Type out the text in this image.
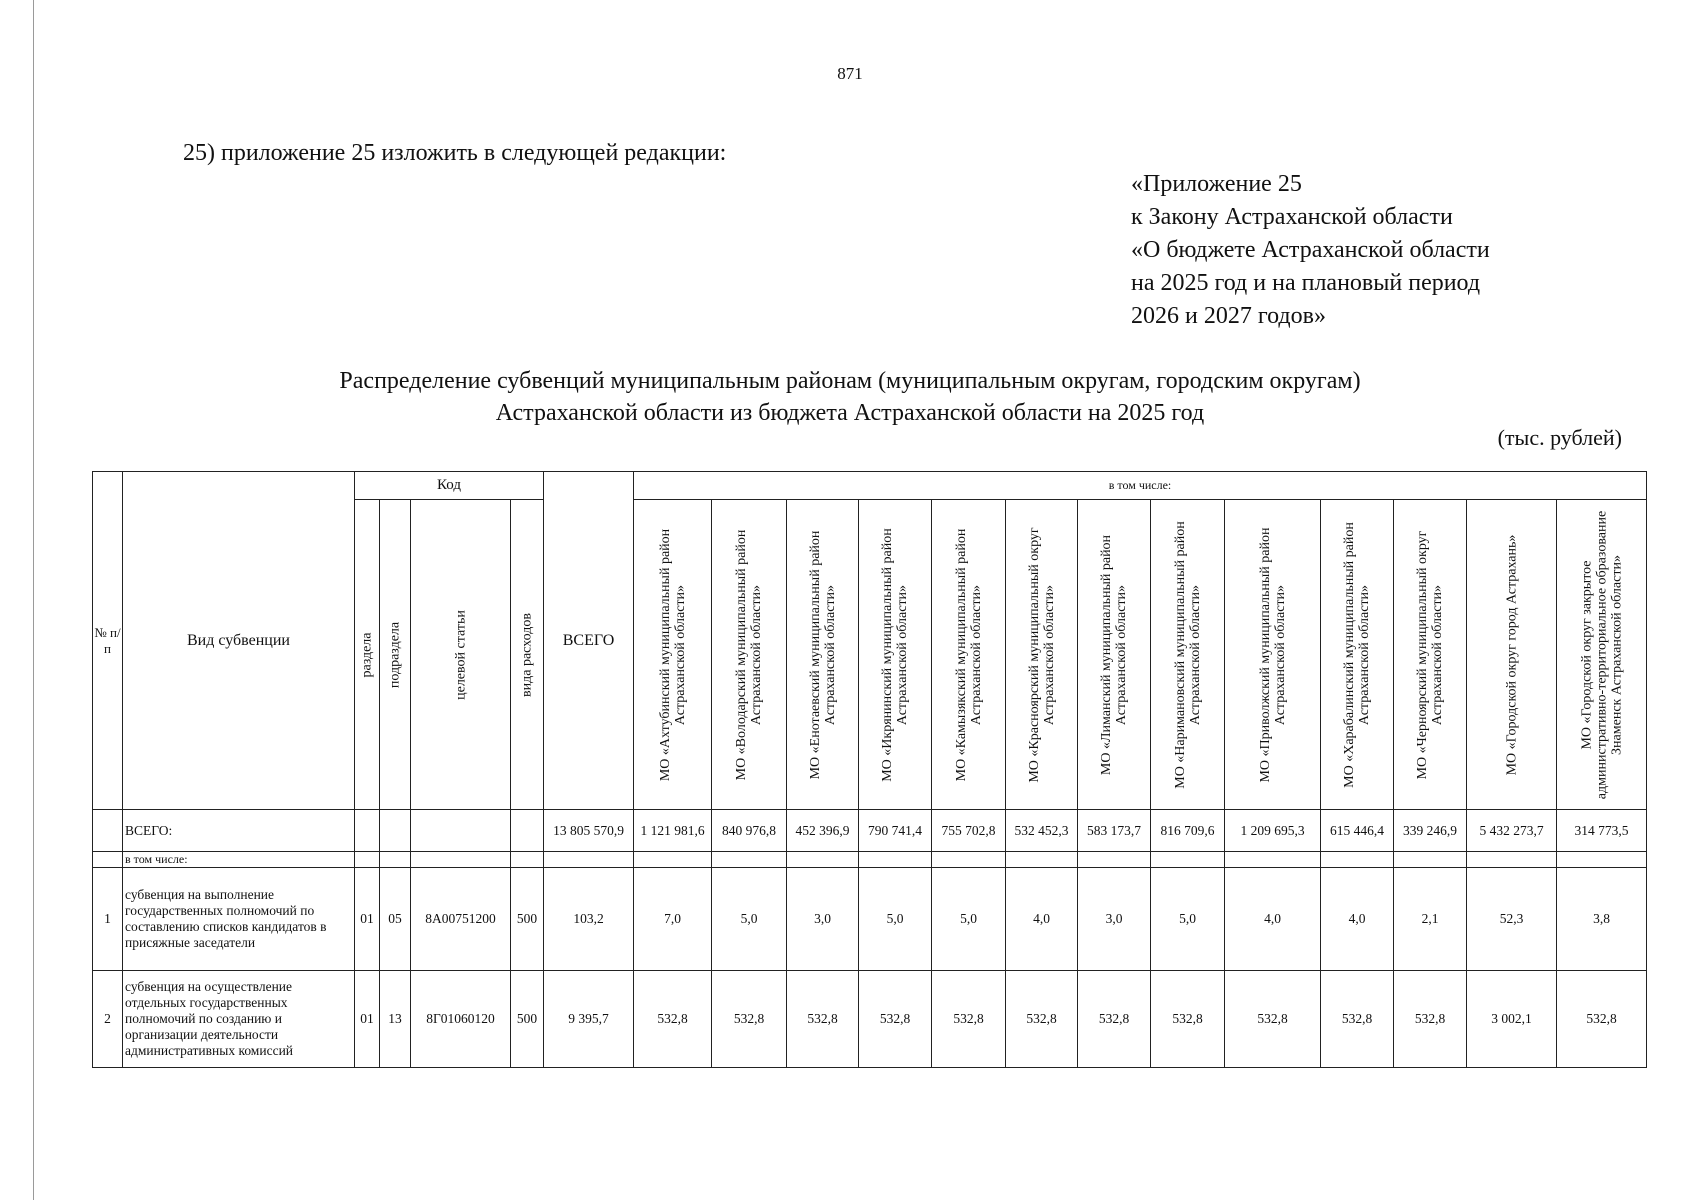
871
25) приложение 25 изложить в следующей редакции:
«Приложение 25
к Закону Астраханской области
«О бюджете Астраханской области
на 2025 год и на плановый период
2026 и 2027 годов»
Распределение субвенций муниципальным районам (муниципальным округам, городским округам)
Астраханской области из бюджета Астраханской области на 2025 год
(тыс. рублей)
№ п/п	Вид субвенции	Код				ВСЕГО	в том числе:												

		раздела	подраздела	целевой статьи	вида расходов		МО «Ахтубинский муниципальный район Астраханской области»	МО «Володарский муниципальный район Астраханской области»	МО «Енотаевский муниципальный район Астраханской области»	МО «Икрянинский муниципальный район Астраханской области»	МО «Камызякский муниципальный район Астраханской области»	МО «Красноярский муниципальный округ Астраханской области»	МО «Лиманский муниципальный район Астраханской области»	МО «Наримановский муниципальный район Астраханской области»	МО «Приволжский муниципальный район Астраханской области»	МО «Харабалинский муниципальный район Астраханской области»	МО «Черноярский муниципальный округ Астраханской области»	МО «Городской округ город Астрахань»	МО «Городской округ закрытое административно-территориальное образование Знаменск Астраханской области»

	ВСЕГО:					13 805 570,9	1 121 981,6	840 976,8	452 396,9	790 741,4	755 702,8	532 452,3	583 173,7	816 709,6	1 209 695,3	615 446,4	339 246,9	5 432 273,7	314 773,5
	в том числе:																		
1	субвенция на выполнение государственных полномочий по составлению списков кандидатов в присяжные заседатели	01	05	8А00751200	500	103,2	7,0	5,0	3,0	5,0	5,0	4,0	3,0	5,0	4,0	4,0	2,1	52,3	3,8
2	субвенция на осуществление отдельных государственных полномочий по созданию и организации деятельности административных комиссий	01	13	8Г01060120	500	9 395,7	532,8	532,8	532,8	532,8	532,8	532,8	532,8	532,8	532,8	532,8	532,8	3 002,1	532,8
